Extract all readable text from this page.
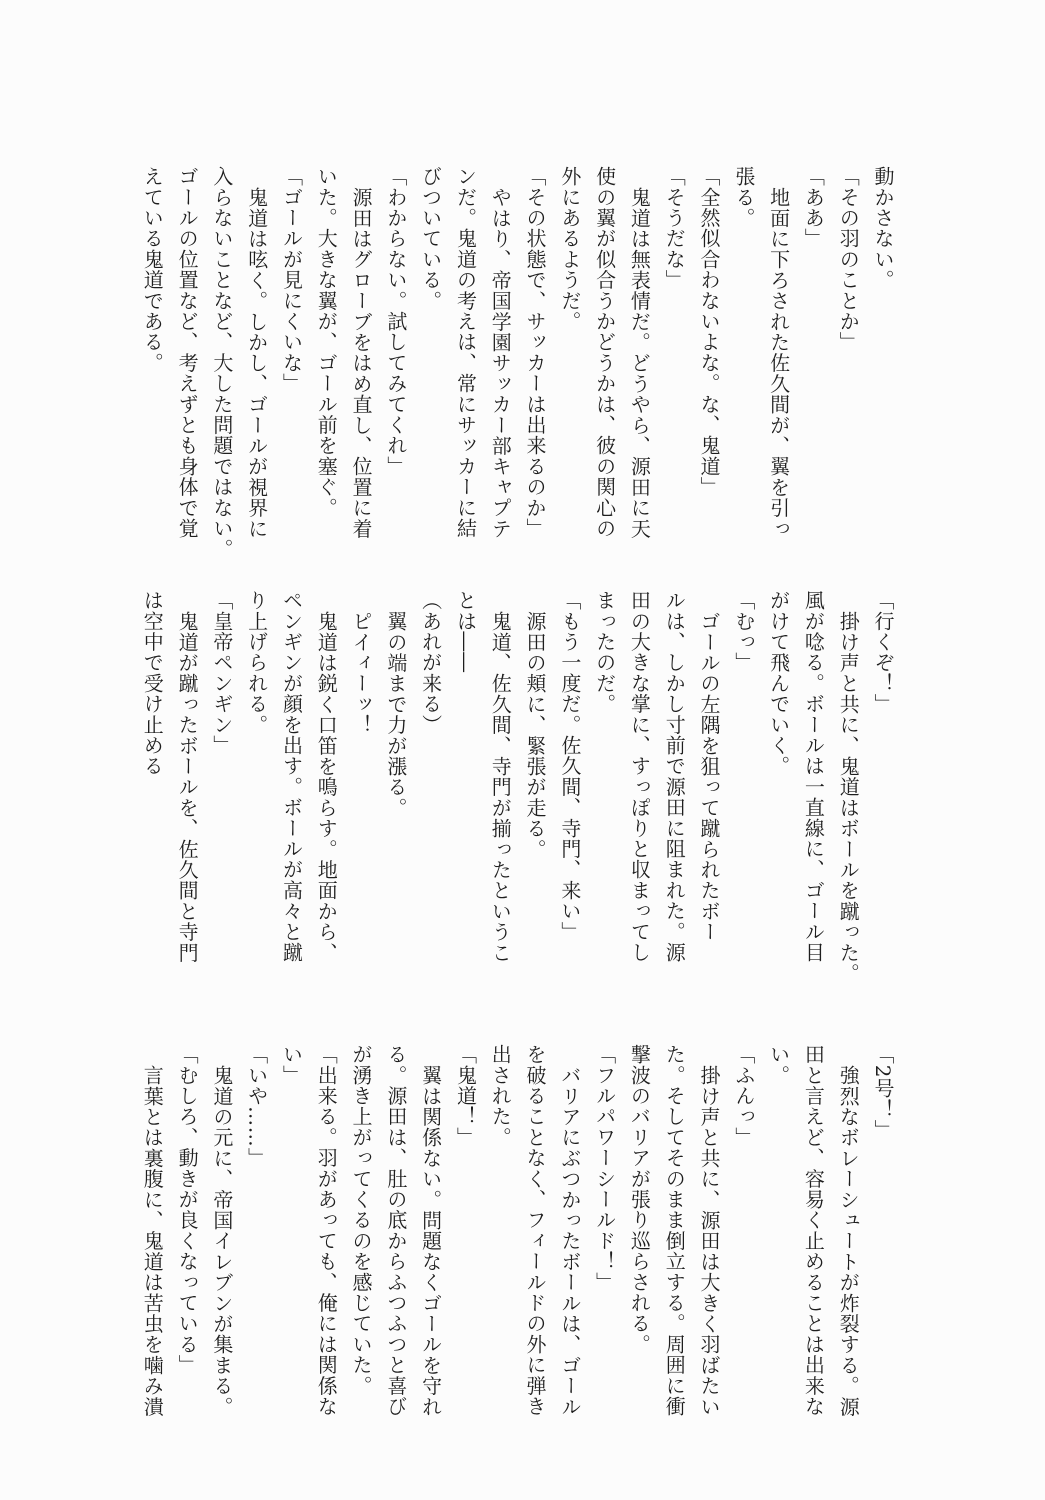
動かさない。
「その羽のことか」
「ああ」
地面に下ろされた佐久間が、翼を引っ
張る。
「全然似合わないよな。な、鬼道」
「そうだな」
鬼道は無表情だ。どうやら、源田に天
使の翼が似合うかどうかは、彼の関心の
外にあるようだ。
「その状態で、サッカーは出来るのか」
やはり、帝国学園サッカー部キャプテ
ンだ。鬼道の考えは、常にサッカーに結
びついている。
「わからない。試してみてくれ」
源田はグローブをはめ直し、位置に着
いた。大きな翼が、ゴール前を塞ぐ。
「ゴールが見にくいな」
鬼道は呟く。しかし、ゴールが視界に
入らないことなど、大した問題ではない。
ゴールの位置など、考えずとも身体で覚
えている鬼道である。
「行くぞ！」
掛け声と共に、鬼道はボールを蹴った。
風が唸る。ボールは一直線に、ゴール目
がけて飛んでいく。
「むっ」
ゴールの左隅を狙って蹴られたボー
ルは、しかし寸前で源田に阻まれた。源
田の大きな掌に、すっぽりと収まってし
まったのだ。
「もう一度だ。佐久間、寺門、来い」
源田の頬に、緊張が走る。
鬼道、佐久間、寺門が揃ったというこ
とは――
（あれが来る）
翼の端まで力が漲る。
ピイィーッ！
鬼道は鋭く口笛を鳴らす。地面から、
ペンギンが顔を出す。ボールが高々と蹴
り上げられる。
「皇帝ペンギン」
鬼道が蹴ったボールを、佐久間と寺門
は空中で受け止める
「2号！」
強烈なボレーシュートが炸裂する。源
田と言えど、容易く止めることは出来な
い。
「ふんっ」
掛け声と共に、源田は大きく羽ばたい
た。そしてそのまま倒立する。周囲に衝
撃波のバリアが張り巡らされる。
「フルパワーシールド！」
バリアにぶつかったボールは、ゴール
を破ることなく、フィールドの外に弾き
出された。
「鬼道！」
翼は関係ない。問題なくゴールを守れ
る。源田は、肚の底からふつふつと喜び
が湧き上がってくるのを感じていた。
「出来る。羽があっても、俺には関係な
い」
「いや……」
鬼道の元に、帝国イレブンが集まる。
「むしろ、動きが良くなっている」
言葉とは裏腹に、鬼道は苦虫を噛み潰
